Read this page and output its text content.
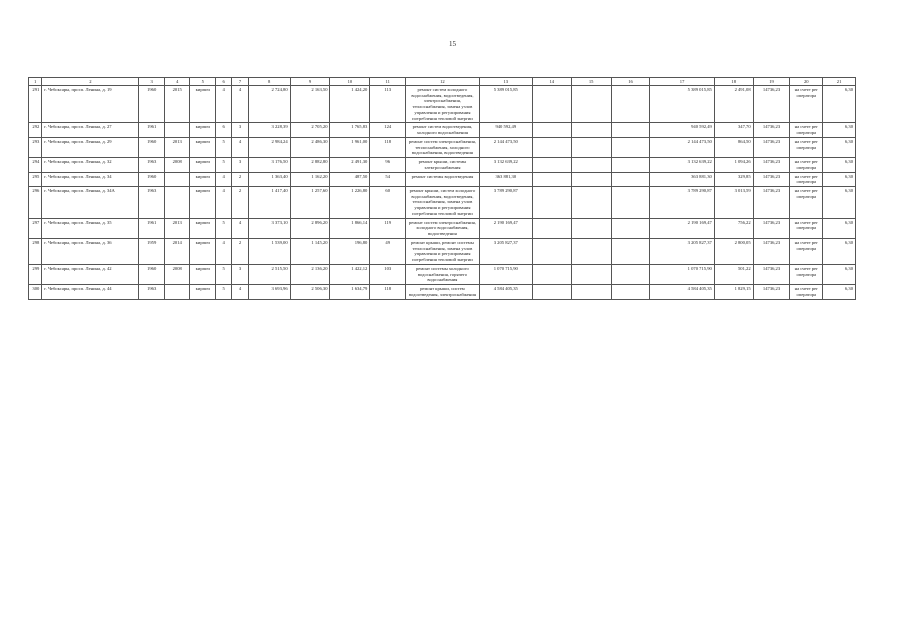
15
1	2	3	4	5	6	7	8	9	10	11	12	13	14	15	16	17	18	19	20	21
291	г. Чебоксары, просп. Ленина, д. 19	1960	2015	кирпич	4	4	2 724,80	2 163,50	1 424,20	113	ремонт систем холодного водоснабжения, водоотведения, электроснабжения, теплоснабжения, замена узлов управления и регулирования потребления тепловой энергии	5 389 015,85				5 389 015,85	2 491,08	14736,23	на счете рег оператора	6,30
292	г. Чебоксары, просп. Ленина, д. 27	1961		кирпич	6	3	3 228,39	2 705,20	1 765,83	124	ремонт систем водоотведения, холодного водоснабжения	940 592,49				940 592,49	347,70	14736,23	на счете рег оператора	6,30
293	г. Чебоксары, просп. Ленина, д. 29	1960	2013	кирпич	5	4	2 984,24	2 486,30	1 961,00	118	ремонт систем электроснабжения, теплоснабжения, холодного водоснабжения, водоотведения	2 144 473,50				2 144 473,50	864,50	14736,23	на счете рег оператора	6,30
294	г. Чебоксары, просп. Ленина, д. 32	1963	2008	кирпич	5	3	3 176,50	2 882,80	2 491,30	96	ремонт крыши, системы электроснабжения	3 132 639,22				3 132 639,22	1 094,26	14736,23	на счете рег оператора	6,30
295	г. Чебоксары, просп. Ленина, д. 34	1960		кирпич	4	2	1 363,40	1 162,20	487,50	54	ремонт системы водоотведения	363 881,30				363 881,30	329,85	14736,23	на счете рег оператора	6,30
296	г. Чебоксары, просп. Ленина, д. 34А	1963		кирпич	4	2	1 417,40	1 257,60	1 226,80	60	ремонт крыши, систем холодного водоснабжения, водоотведения, теплоснабжения, замена узлов управления и регулирования потребления тепловой энергии	3 789 290,87				3 789 290,87	3 013,59	14736,23	на счете рег оператора	6,30
297	г. Чебоксары, просп. Ленина, д. 35	1961	2013	кирпич	5	4	3 373,10	2 896,20	1 866,14	119	ремонт систем электроснабжения, холодного водоснабжения, водоотведения	2 190 169,47				2 190 169,47	756,22	14736,23	на счете рег оператора	6,30
298	г. Чебоксары, просп. Ленина, д. 36	1959	2014	кирпич	4	2	1 539,00	1 145,20	196,80	49	ремонт крыши, ремонт системы теплоснабжения, замена узлов управления и регулирования потребления тепловой энергии	3 205 827,37				3 205 827,37	2 800,05	14736,23	на счете рег оператора	6,30
299	г. Чебоксары, просп. Ленина, д. 42	1960	2008	кирпич	5	3	2 515,50	2 136,20	1 422,12	103	ремонт системы холодного водоснабжения, горячего водоснабжения	1 070 715,90				1 070 715,90	501,22	14736,23	на счете рег оператора	6,30
300	г. Чебоксары, просп. Ленина, д. 44	1963		кирпич	5	4	3 693,96	2 506,30	1 634,79	118	ремонт крыши, систем водоотведения, электроснабжения	4 584 405,35				4 584 405,35	1 829,15	14736,23	на счете рег оператора	6,30
